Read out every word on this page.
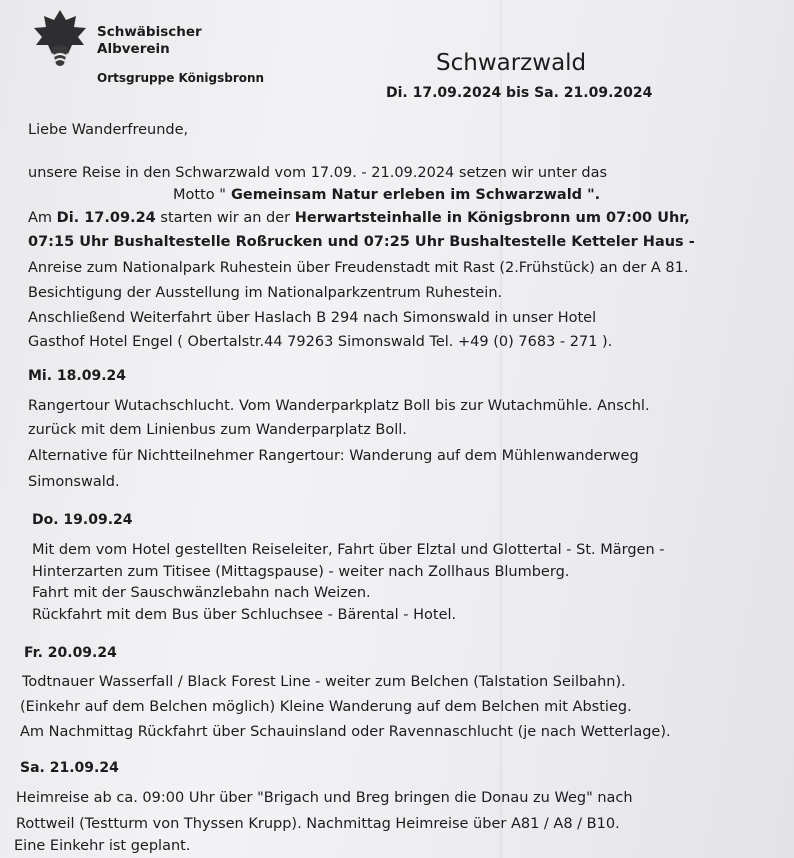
Schwäbischer
Albverein
Ortsgruppe Königsbronn
Schwarzwald
Di. 17.09.2024 bis Sa. 21.09.2024
Liebe Wanderfreunde,
unsere Reise in den Schwarzwald vom 17.09. - 21.09.2024 setzen wir unter das
Motto " Gemeinsam Natur erleben im Schwarzwald ".
Am Di. 17.09.24 starten wir an der Herwartsteinhalle in Königsbronn um 07:00 Uhr,
07:15 Uhr Bushaltestelle Roßrucken und 07:25 Uhr Bushaltestelle Ketteler Haus -
Anreise zum Nationalpark Ruhestein über Freudenstadt mit Rast (2.Frühstück) an der A 81.
Besichtigung der Ausstellung im Nationalparkzentrum Ruhestein.
Anschließend Weiterfahrt über Haslach B 294 nach Simonswald in unser Hotel
Gasthof Hotel Engel ( Obertalstr.44 79263 Simonswald Tel. +49 (0) 7683 - 271 ).
Mi. 18.09.24
Rangertour Wutachschlucht. Vom Wanderparkplatz Boll bis zur Wutachmühle. Anschl.
zurück mit dem Linienbus zum Wanderparplatz Boll.
Alternative für Nichtteilnehmer Rangertour: Wanderung auf dem Mühlenwanderweg
Simonswald.
Do. 19.09.24
Mit dem vom Hotel gestellten Reiseleiter, Fahrt über Elztal und Glottertal - St. Märgen -
Hinterzarten zum Titisee (Mittagspause) - weiter nach Zollhaus Blumberg.
Fahrt mit der Sauschwänzlebahn nach Weizen.
Rückfahrt mit dem Bus über Schluchsee - Bärental - Hotel.
Fr. 20.09.24
Todtnauer Wasserfall / Black Forest Line - weiter zum Belchen (Talstation Seilbahn).
(Einkehr auf dem Belchen möglich) Kleine Wanderung auf dem Belchen mit Abstieg.
Am Nachmittag Rückfahrt über Schauinsland oder Ravennaschlucht (je nach Wetterlage).
Sa. 21.09.24
Heimreise ab ca. 09:00 Uhr über "Brigach und Breg bringen die Donau zu Weg" nach
Rottweil (Testturm von Thyssen Krupp). Nachmittag Heimreise über A81 / A8 / B10.
Eine Einkehr ist geplant.
